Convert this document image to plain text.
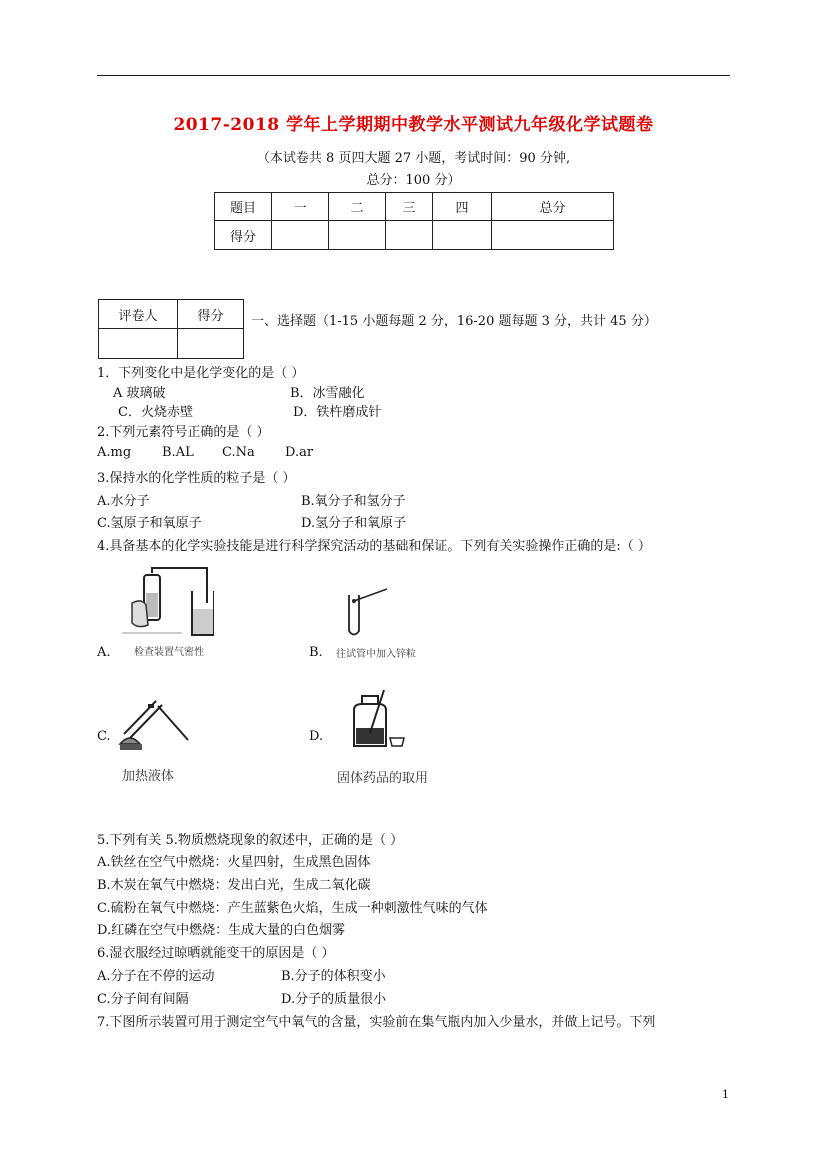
2017-2018 学年上学期期中教学水平测试九年级化学试题卷
（本试卷共 8 页四大题 27 小题，考试时间：90 分钟,
总分：100 分）
题目	一	二	三	四	总分
得分					
评卷人	得分
	一、选择题（1-15 小题每题 2 分，16-20 题每题 3 分，共计 45 分）
1．下列变化中是化学变化的是（ ）
A 玻璃破	B．冰雪融化
C．火烧赤壁	D．铁杵磨成针
2.下列元素符号正确的是（ ）
A.mg B.AL C.Na D.ar
3.保持水的化学性质的粒子是（ ）
A.水分子	B.氧分子和氢分子
C.氢原子和氧原子	D.氢分子和氧原子
4.具备基本的化学实验技能是进行科学探究活动的基础和保证。下列有关实验操作正确的是:（ ）
检查装置气密性
A.	往试管中加入锌粒
B.
C.
加热液体
D.
固体药品的取用
5.下列有关 5.物质燃烧现象的叙述中，正确的是（ ）
A.铁丝在空气中燃烧：火星四射，生成黑色固体
B.木炭在氧气中燃烧：发出白光，生成二氧化碳
C.硫粉在氧气中燃烧：产生蓝紫色火焰，生成一种刺激性气味的气体
D.红磷在空气中燃烧：生成大量的白色烟雾
6.湿衣服经过晾晒就能变干的原因是（ ）
A.分子在不停的运动	B.分子的体积变小
C.分子间有间隔	D.分子的质量很小
7.下图所示装置可用于测定空气中氧气的含量，实验前在集气瓶内加入少量水，并做上记号。下列
1
